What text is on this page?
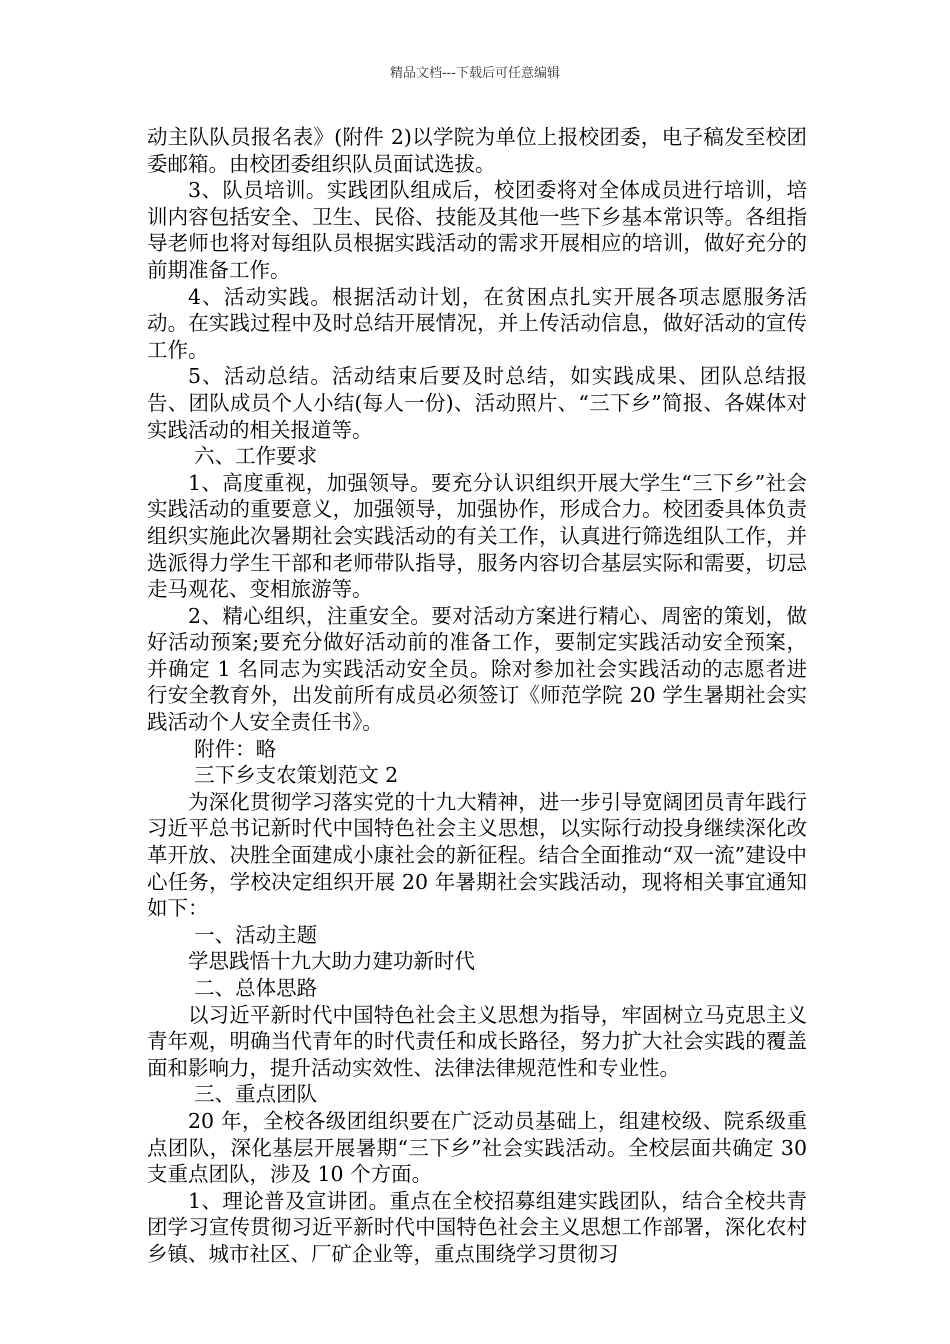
精品文档---下载后可任意编辑

动主队队员报名表》(附件 2)以学院为单位上报校团委，电子稿发至校团委邮箱。由校团委组织队员面试选拔。

3、队员培训。实践团队组成后，校团委将对全体成员进行培训，培训内容包括安全、卫生、民俗、技能及其他一些下乡基本常识等。各组指导老师也将对每组队员根据实践活动的需求开展相应的培训，做好充分的前期准备工作。

4、活动实践。根据活动计划，在贫困点扎实开展各项志愿服务活动。在实践过程中及时总结开展情况，并上传活动信息，做好活动的宣传工作。

5、活动总结。活动结束后要及时总结，如实践成果、团队总结报告、团队成员个人小结(每人一份)、活动照片、“三下乡”简报、各媒体对实践活动的相关报道等。

六、工作要求

1、高度重视，加强领导。要充分认识组织开展大学生“三下乡”社会实践活动的重要意义，加强领导，加强协作，形成合力。校团委具体负责组织实施此次暑期社会实践活动的有关工作，认真进行筛选组队工作，并选派得力学生干部和老师带队指导，服务内容切合基层实际和需要，切忌走马观花、变相旅游等。

2、精心组织，注重安全。要对活动方案进行精心、周密的策划，做好活动预案;要充分做好活动前的准备工作，要制定实践活动安全预案，并确定 1 名同志为实践活动安全员。除对参加社会实践活动的志愿者进行安全教育外，出发前所有成员必须签订《师范学院 20 学生暑期社会实践活动个人安全责任书》。

附件：略

三下乡支农策划范文 2

为深化贯彻学习落实党的十九大精神，进一步引导宽阔团员青年践行习近平总书记新时代中国特色社会主义思想，以实际行动投身继续深化改革开放、决胜全面建成小康社会的新征程。结合全面推动“双一流”建设中心任务，学校决定组织开展 20 年暑期社会实践活动，现将相关事宜通知如下：

一、活动主题

学思践悟十九大助力建功新时代

二、总体思路

以习近平新时代中国特色社会主义思想为指导，牢固树立马克思主义青年观，明确当代青年的时代责任和成长路径，努力扩大社会实践的覆盖面和影响力，提升活动实效性、法律法律规范性和专业性。

三、重点团队

20 年，全校各级团组织要在广泛动员基础上，组建校级、院系级重点团队，深化基层开展暑期“三下乡”社会实践活动。全校层面共确定 30 支重点团队，涉及 10 个方面。

1、理论普及宣讲团。重点在全校招募组建实践团队，结合全校共青团学习宣传贯彻习近平新时代中国特色社会主义思想工作部署，深化农村乡镇、城市社区、厂矿企业等，重点围绕学习贯彻习
